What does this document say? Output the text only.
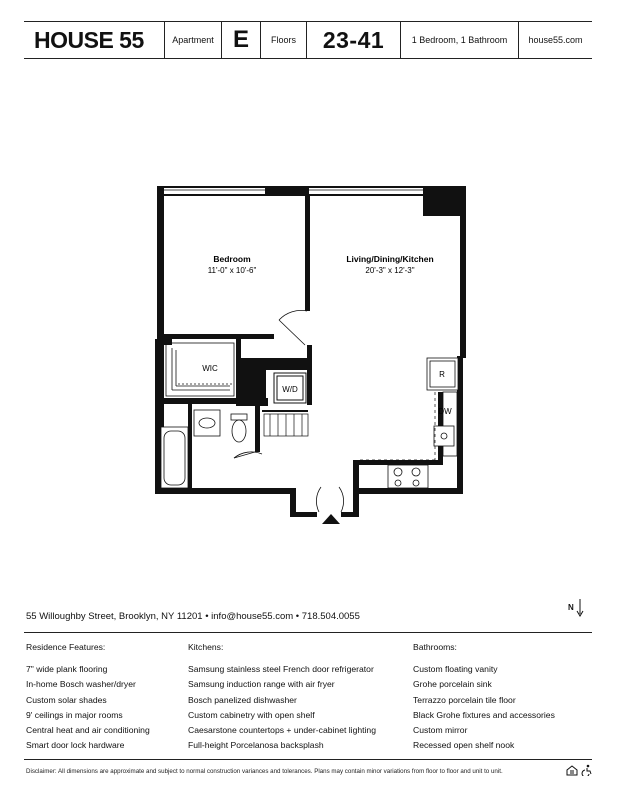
HOUSE 55	Apartment E	Floors	23-41	1 Bedroom, 1 Bathroom	house55.com
Bedroom
11'-0" x 10'-6"
Living/Dining/Kitchen
20'-3" x 12'-3"
WIC
W/D
R
DW
55 Willoughby Street, Brooklyn, NY 11201 • info@house55.com • 718.504.0055
N
Residence Features:
7" wide plank flooring
In-home Bosch washer/dryer
Custom solar shades
9' ceilings in major rooms
Central heat and air conditioning
Smart door lock hardware
Kitchens:
Samsung stainless steel French door refrigerator
Samsung induction range with air fryer
Bosch panelized dishwasher
Custom cabinetry with open shelf
Caesarstone countertops + under-cabinet lighting
Full-height Porcelanosa backsplash
Bathrooms:
Custom floating vanity
Grohe porcelain sink
Terrazzo porcelain tile floor
Black Grohe fixtures and accessories
Custom mirror
Recessed open shelf nook
Disclaimer: All dimensions are approximate and subject to normal construction variances and tolerances. Plans may contain minor variations from floor to floor and unit to unit.
